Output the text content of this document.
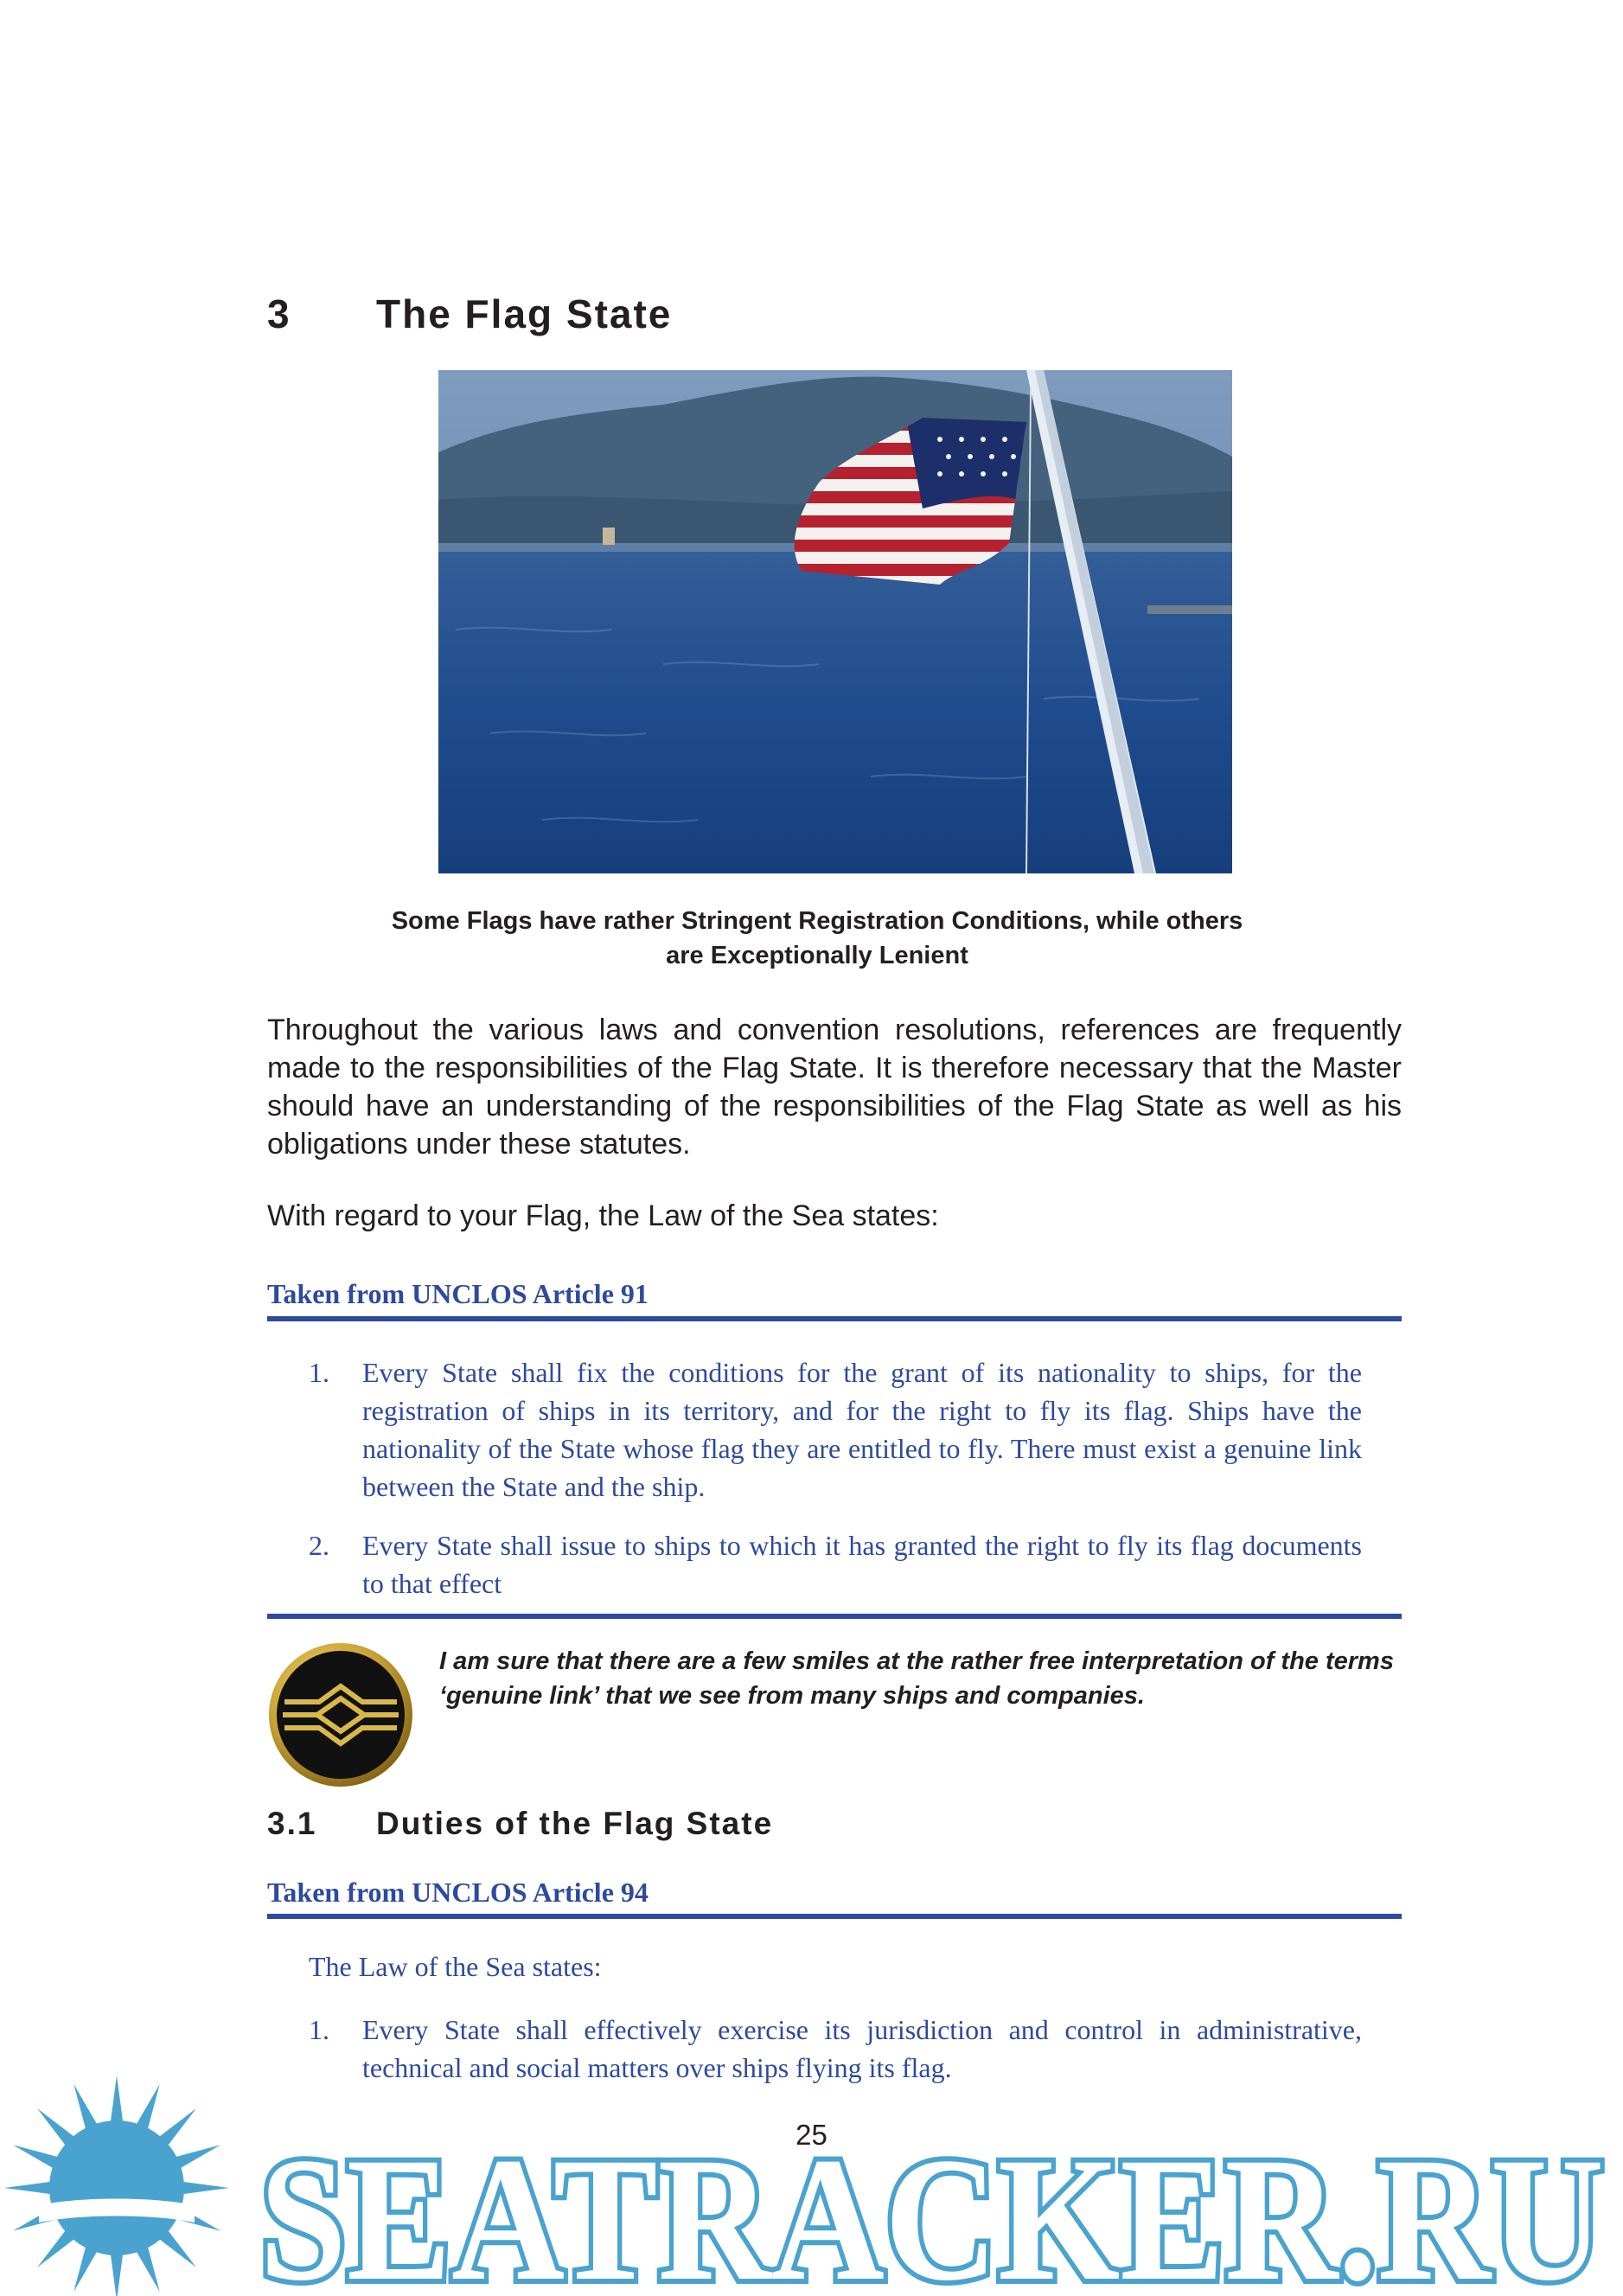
3 The Flag State
Some Flags have rather Stringent Registration Conditions, while others
are Exceptionally Lenient
Throughout the various laws and convention resolutions, references are frequently made to the responsibilities of the Flag State. It is therefore necessary that the Master should have an understanding of the responsibilities of the Flag State as well as his obligations under these statutes.
With regard to your Flag, the Law of the Sea states:
Taken from UNCLOS Article 91
1. Every State shall fix the conditions for the grant of its nationality to ships, for the registration of ships in its territory, and for the right to fly its flag. Ships have the nationality of the State whose flag they are entitled to fly. There must exist a genuine link between the State and the ship.
2. Every State shall issue to ships to which it has granted the right to fly its flag documents to that effect
I am sure that there are a few smiles at the rather free interpretation of the terms ‘genuine link’ that we see from many ships and companies.
3.1 Duties of the Flag State
Taken from UNCLOS Article 94
The Law of the Sea states:
1. Every State shall effectively exercise its jurisdiction and control in administrative, technical and social matters over ships flying its flag.
SEATRACKER.RU
25
